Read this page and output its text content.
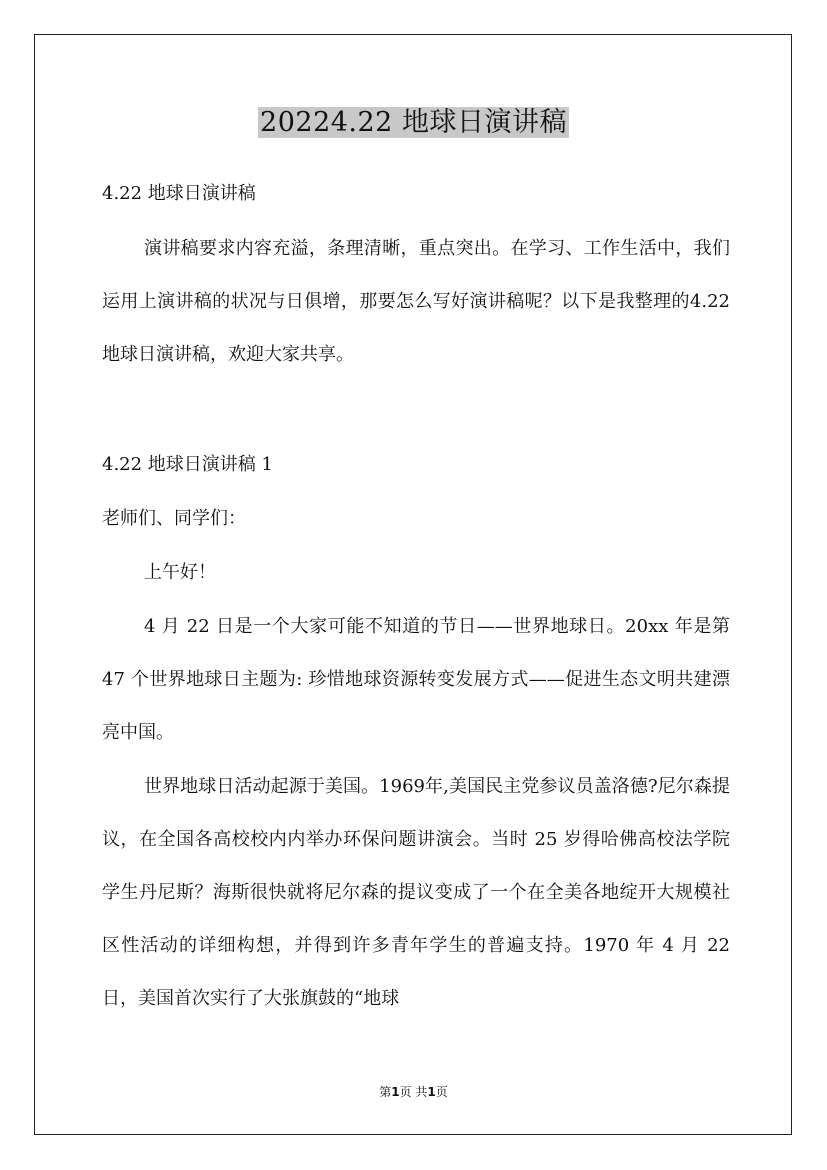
20224.22 地球日演讲稿

4.22 地球日演讲稿

演讲稿要求内容充溢，条理清晰，重点突出。在学习、工作生活中，我们运用上演讲稿的状况与日俱增，那要怎么写好演讲稿呢？以下是我整理的4.22地球日演讲稿，欢迎大家共享。

4.22 地球日演讲稿 1

老师们、同学们：

上午好！

4 月 22 日是一个大家可能不知道的节日——世界地球日。20xx 年是第 47 个世界地球日主题为: 珍惜地球资源转变发展方式——促进生态文明共建漂亮中国。

世界地球日活动起源于美国。1969年,美国民主党参议员盖洛德?尼尔森提议，在全国各高校校内内举办环保问题讲演会。当时 25 岁得哈佛高校法学院学生丹尼斯？海斯很快就将尼尔森的提议变成了一个在全美各地绽开大规模社区性活动的详细构想，并得到许多青年学生的普遍支持。1970 年 4 月 22 日，美国首次实行了大张旗鼓的“地球

第1页 共1页
